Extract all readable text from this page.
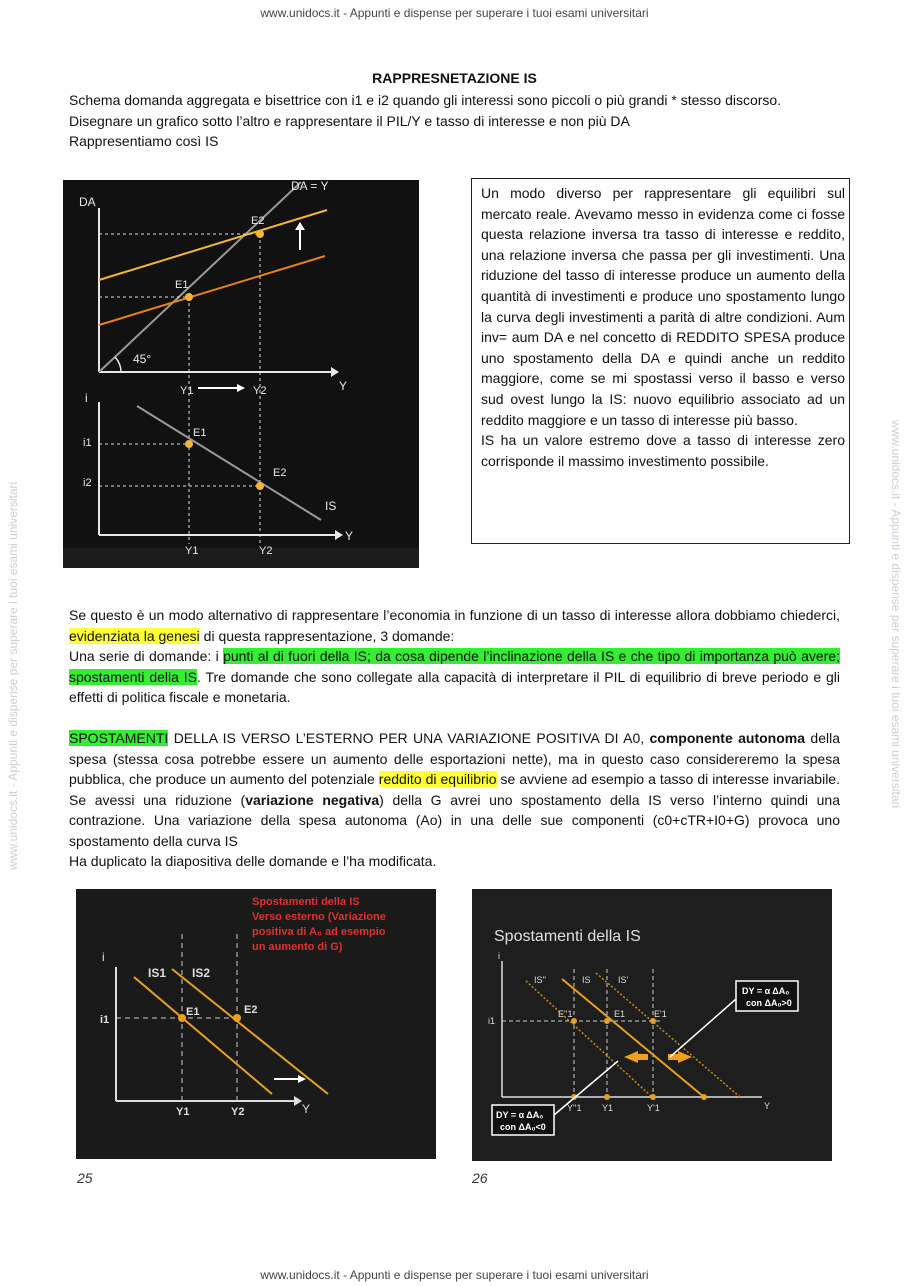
www.unidocs.it - Appunti e dispense per superare i tuoi esami universitari
www.unidocs.it - Appunti e dispense per superare i tuoi esami universitari
www.unidocs.it - Appunti e dispense per superare i tuoi esami universitari	www.unidocs.it - Appunti e dispense per superare i tuoi esami universitari
RAPPRESNETAZIONE IS
Schema domanda aggregata e bisettrice con i1 e i2 quando gli interessi sono piccoli o più grandi * stesso discorso.
Disegnare un grafico sotto l’altro e rappresentare il PIL/Y e tasso di interesse e non più DA
Rappresentiamo così IS
DA
Y
DA = Y
45°
E1
E2
Y1	Y2
i
Y
IS
E1
E2
i1
i2
Y1	Y2
Un modo diverso per rappresentare gli equilibri sul mercato reale. Avevamo messo in evidenza come ci fosse questa relazione inversa tra tasso di interesse e reddito, una relazione inversa che passa per gli investimenti. Una riduzione del tasso di interesse produce un aumento della quantità di investimenti e produce uno spostamento lungo la curva degli investimenti a parità di altre condizioni. Aum inv= aum DA e nel concetto di REDDITO SPESA produce uno spostamento della DA e quindi anche un reddito maggiore, come se mi spostassi verso il basso e verso sud ovest lungo la IS: nuovo equilibrio associato ad un reddito maggiore e un tasso di interesse più basso.
IS ha un valore estremo dove a tasso di interesse zero corrisponde il massimo investimento possibile.
Se questo è un modo alternativo di rappresentare l’economia in funzione di un tasso di interesse allora dobbiamo chiederci, evidenziata la genesi di questa rappresentazione, 3 domande:
Una serie di domande: i punti al di fuori della IS; da cosa dipende l’inclinazione della IS e che tipo di importanza può avere; spostamenti della IS. Tre domande che sono collegate alla capacità di interpretare il PIL di equilibrio di breve periodo e gli effetti di politica fiscale e monetaria.
SPOSTAMENTI DELLA IS VERSO L’ESTERNO PER UNA VARIAZIONE POSITIVA DI A0, componente autonoma della spesa (stessa cosa potrebbe essere un aumento delle esportazioni nette), ma in questo caso considereremo la spesa pubblica, che produce un aumento del potenziale reddito di equilibrio se avviene ad esempio a tasso di interesse invariabile. Se avessi una riduzione (variazione negativa) della G avrei uno spostamento della IS verso l’interno quindi una contrazione. Una variazione della spesa autonoma (Ao) in una delle sue componenti (c0+cTR+I0+G) provoca uno spostamento della curva IS
Ha duplicato la diapositiva delle domande e l’ha modificata.
Spostamenti della IS
Verso esterno (Variazione
positiva di A₀ ad esempio
un aumento di G)
i
Y
IS1 IS2
E1	E2
i1
Y1	Y2
25
Spostamenti della IS
i
Y
IS''	IS	IS'
E''1	E1	E'1
i1
Y''1 Y1	Y'1
DY = α ΔA₀
con ΔA₀>0
DY = α ΔA₀
con ΔA₀<0
26
